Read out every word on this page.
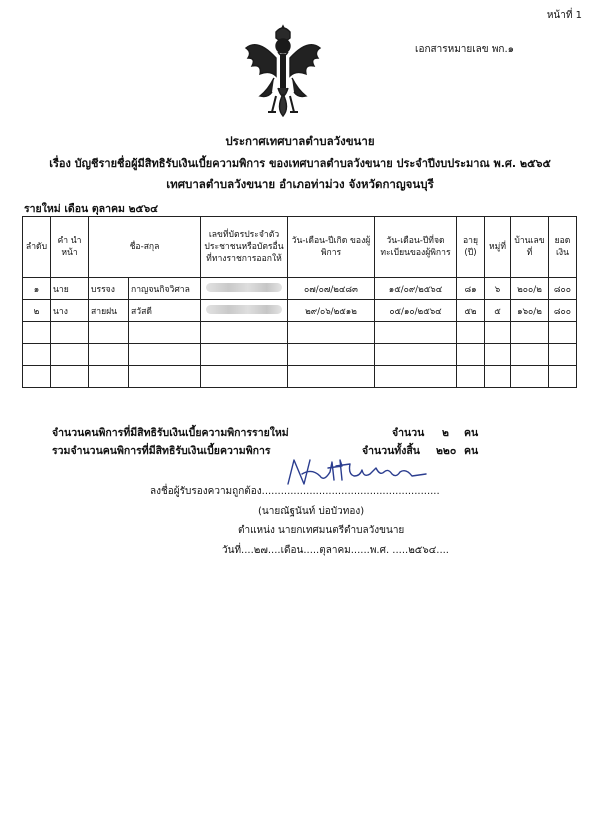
หน้าที่ 1
เอกสารหมายเลข พก.๑
ประกาศเทศบาลตำบลวังขนาย
เรื่อง บัญชีรายชื่อผู้มีสิทธิรับเงินเบี้ยความพิการ ของเทศบาลตำบลวังขนาย ประจำปีงบประมาณ พ.ศ. ๒๕๖๕
เทศบาลตำบลวังขนาย อำเภอท่าม่วง จังหวัดกาญจนบุรี
รายใหม่ เดือน ตุลาคม ๒๕๖๔
ลำดับ	คำ นำหน้า	ชื่อ-สกุล		เลขที่บัตรประจำตัวประชาชนหรือบัตรอื่นที่ทางราชการออกให้	วัน-เดือน-ปีเกิด ของผู้พิการ	วัน-เดือน-ปีที่จดทะเบียนของผู้พิการ	อายุ (ปี)	หมู่ที่	บ้านเลขที่	ยอดเงิน
๑	นาย	บรรจง	กาญจนกิจวิศาล		๐๗/๐๗/๒๔๘๓	๑๕/๐๙/๒๕๖๔	๘๑	๖	๒๐๐/๒	๘๐๐
๒	นาง	สายฝน	สวัสดี		๒๙/๐๖/๒๕๑๒	๐๕/๑๐/๒๕๖๔	๕๒	๕	๑๖๐/๒	๘๐๐

จำนวนคนพิการที่มีสิทธิรับเงินเบี้ยความพิการรายใหม่	จำนวน ๒ คน
รวมจำนวนคนพิการที่มีสิทธิรับเงินเบี้ยความพิการ	จำนวนทั้งสิ้น ๒๒๐ คน
ลงชื่อผู้รับรองความถูกต้อง........................................................
(นายณัฐนันท์ บ่อบัวทอง)
ตำแหน่ง นายกเทศมนตรีตำบลวังขนาย
วันที่....๒๗....เดือน.....ตุลาคม......พ.ศ. .....๒๕๖๔....
